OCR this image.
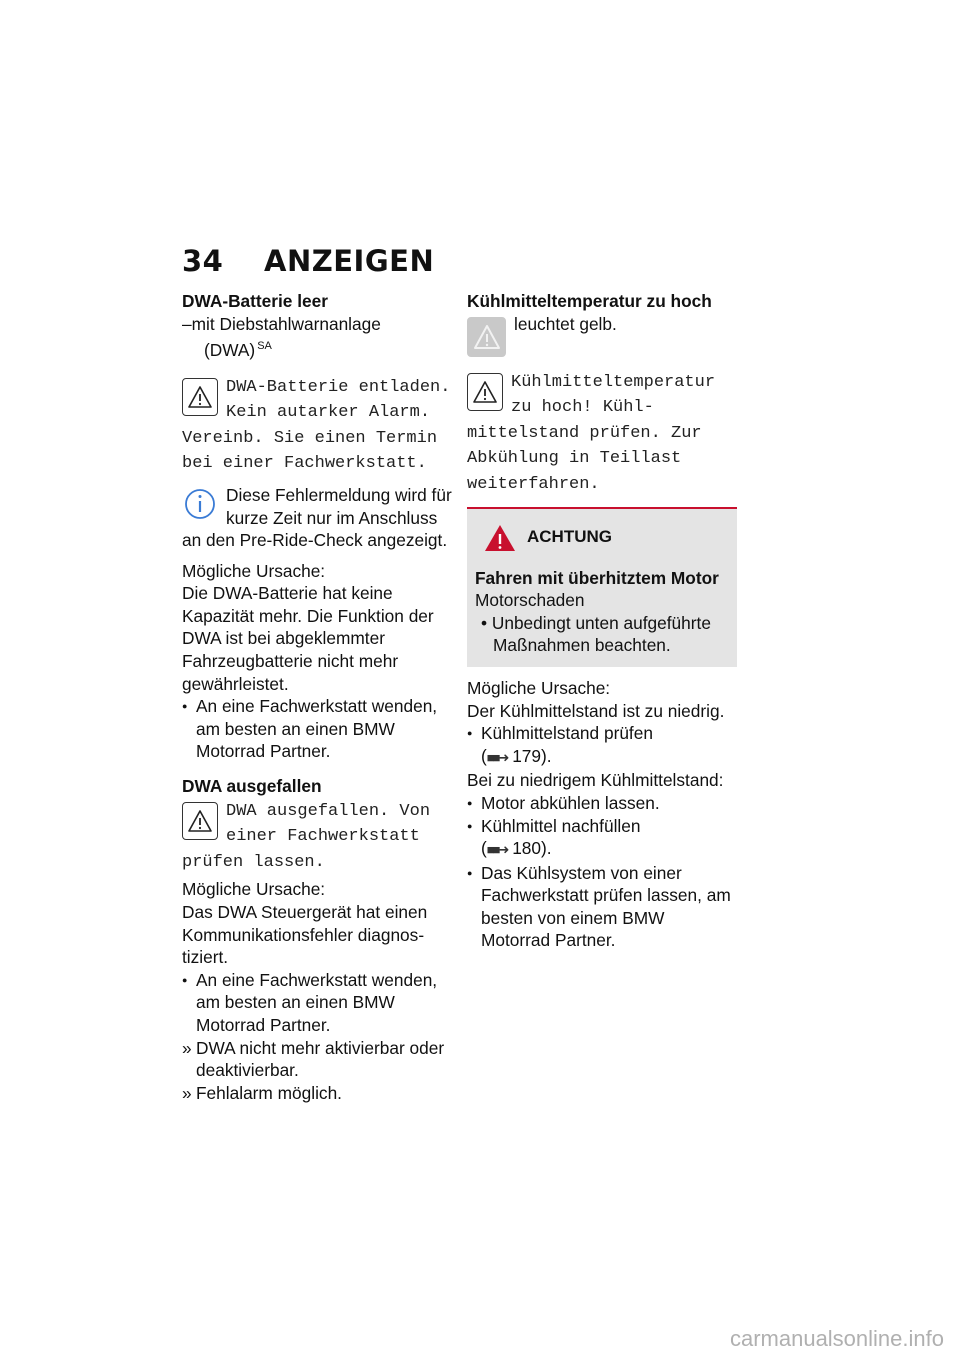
34	ANZEIGEN

DWA-Batterie leer

–mit Diebstahlwarnanlage (DWA) $^{SA}$

DWA-Batterie entladen. Kein autarker Alarm. Vereinb. Sie einen Termin bei einer Fachwerkstatt.
Diese Fehlermeldung wird für kurze Zeit nur im Anschluss an den Pre-Ride-Check angezeigt.

Mögliche Ursache:

Die DWA-Batterie hat keine Kapazität mehr. Die Funktion der DWA ist bei abgeklemmter Fahrzeugbatterie nicht mehr gewährleistet.

● An eine Fachwerkstatt wenden, am besten an einen BMW Motorrad Partner.

DWA ausgefallen

DWA ausgefallen. Von einer Fachwerkstatt prüfen lassen.

Mögliche Ursache:

Das DWA Steuergerät hat einen Kommunikationsfehler diagnostiziert.

● An eine Fachwerkstatt wenden, am besten an einen BMW Motorrad Partner.

» DWA nicht mehr aktivierbar oder deaktivierbar.

» Fehlalarm möglich.

Kühlmitteltemperatur zu hoch

leuchtet gelb.
Kühlmitteltemperatur zu hoch! Kühlmittelstand prüfen. Zur Abkühlung in Teillast weiterfahren.
ACHTUNG

Fahren mit überhitztem Motor

Motorschaden

• Unbedingt unten aufgeführte Maßnahmen beachten.

Mögliche Ursache:

Der Kühlmittelstand ist zu niedrig.

● Kühlmittelstand prüfen
(■■➜ 179).

Bei zu niedrigem Kühlmittelstand:

● Motor abkühlen lassen.

● Kühlmittel nachfüllen
(■■➜ 180).

● Das Kühlsystem von einer Fachwerkstatt prüfen lassen, am besten von einem BMW Motorrad Partner.

carmanualsonline.info
